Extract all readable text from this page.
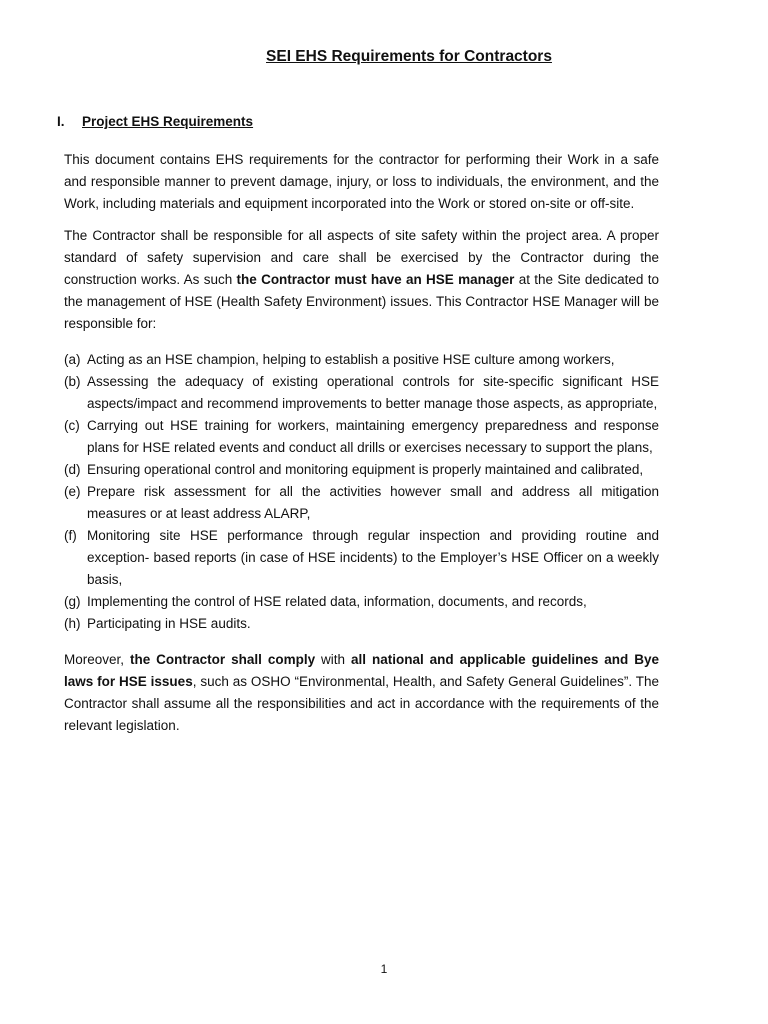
SEI EHS Requirements for Contractors
I. Project EHS Requirements

This document contains EHS requirements for the contractor for performing their Work in a safe and responsible manner to prevent damage, injury, or loss to individuals, the environment, and the Work, including materials and equipment incorporated into the Work or stored on-site or off-site.

The Contractor shall be responsible for all aspects of site safety within the project area. A proper standard of safety supervision and care shall be exercised by the Contractor during the construction works. As such the Contractor must have an HSE manager at the Site dedicated to the management of HSE (Health Safety Environment) issues. This Contractor HSE Manager will be responsible for:

(a) Acting as an HSE champion, helping to establish a positive HSE culture among workers,
(b) Assessing the adequacy of existing operational controls for site-specific significant HSE aspects/impact and recommend improvements to better manage those aspects, as appropriate,
(c) Carrying out HSE training for workers, maintaining emergency preparedness and response plans for HSE related events and conduct all drills or exercises necessary to support the plans,
(d) Ensuring operational control and monitoring equipment is properly maintained and calibrated,
(e) Prepare risk assessment for all the activities however small and address all mitigation measures or at least address ALARP,
(f) Monitoring site HSE performance through regular inspection and providing routine and exception- based reports (in case of HSE incidents) to the Employer’s HSE Officer on a weekly basis,
(g) Implementing the control of HSE related data, information, documents, and records,
(h) Participating in HSE audits.

Moreover, the Contractor shall comply with all national and applicable guidelines and Bye laws for HSE issues, such as OSHO “Environmental, Health, and Safety General Guidelines”. The Contractor shall assume all the responsibilities and act in accordance with the requirements of the relevant legislation.

1
